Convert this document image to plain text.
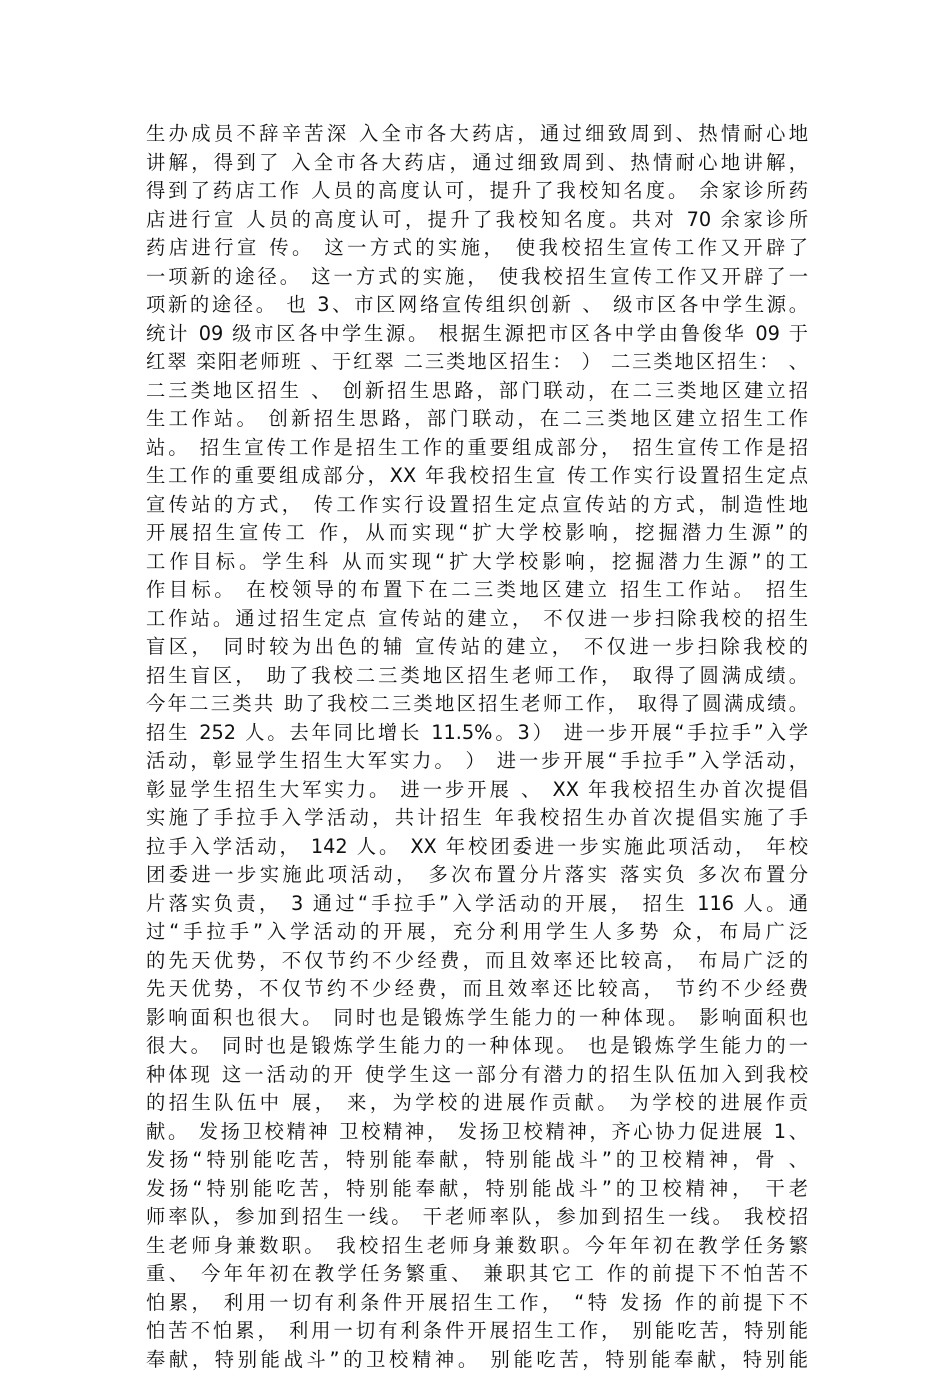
生办成员不辞辛苦深 入全市各大药店，通过细致周到、热情耐心地
讲解，得到了 入全市各大药店，通过细致周到、热情耐心地讲解，
得到了药店工作 人员的高度认可，提升了我校知名度。 余家诊所药
店进行宣 人员的高度认可，提升了我校知名度。共对 70 余家诊所
药店进行宣 传。 这一方式的实施， 使我校招生宣传工作又开辟了
一项新的途径。 这一方式的实施， 使我校招生宣传工作又开辟了一
项新的途径。 也 3、市区网络宣传组织创新 、 级市区各中学生源。
统计 09 级市区各中学生源。 根据生源把市区各中学由鲁俊华 09 于
红翠 栾阳老师班 、于红翠 二三类地区招生： ） 二三类地区招生： 、
二三类地区招生 、 创新招生思路，部门联动，在二三类地区建立招
生工作站。 创新招生思路，部门联动，在二三类地区建立招生工作
站。 招生宣传工作是招生工作的重要组成部分， 招生宣传工作是招
生工作的重要组成部分，XX 年我校招生宣 传工作实行设置招生定点
宣传站的方式， 传工作实行设置招生定点宣传站的方式，制造性地
开展招生宣传工 作，从而实现“扩大学校影响，挖掘潜力生源”的
工作目标。学生科 从而实现“扩大学校影响，挖掘潜力生源”的工
作目标。 在校领导的布置下在二三类地区建立 招生工作站。 招生
工作站。通过招生定点 宣传站的建立， 不仅进一步扫除我校的招生
盲区， 同时较为出色的辅 宣传站的建立， 不仅进一步扫除我校的
招生盲区， 助了我校二三类地区招生老师工作， 取得了圆满成绩。
今年二三类共 助了我校二三类地区招生老师工作， 取得了圆满成绩。
招生 252 人。去年同比增长 11.5%。3） 进一步开展“手拉手”入学
活动，彰显学生招生大军实力。 ） 进一步开展“手拉手”入学活动，
彰显学生招生大军实力。 进一步开展 、 XX 年我校招生办首次提倡
实施了手拉手入学活动，共计招生 年我校招生办首次提倡实施了手
拉手入学活动， 142 人。 XX 年校团委进一步实施此项活动， 年校
团委进一步实施此项活动， 多次布置分片落实 落实负 多次布置分
片落实负责， 3 通过“手拉手”入学活动的开展， 招生 116 人。通
过“手拉手”入学活动的开展，充分利用学生人多势 众，布局广泛
的先天优势，不仅节约不少经费，而且效率还比较高， 布局广泛的
先天优势，不仅节约不少经费，而且效率还比较高， 节约不少经费
影响面积也很大。 同时也是锻炼学生能力的一种体现。 影响面积也
很大。 同时也是锻炼学生能力的一种体现。 也是锻炼学生能力的一
种体现 这一活动的开 使学生这一部分有潜力的招生队伍加入到我校
的招生队伍中 展， 来，为学校的进展作贡献。 为学校的进展作贡
献。 发扬卫校精神 卫校精神， 发扬卫校精神，齐心协力促进展 1、
发扬“特别能吃苦，特别能奉献，特别能战斗”的卫校精神，骨 、
发扬“特别能吃苦，特别能奉献，特别能战斗”的卫校精神， 干老
师率队，参加到招生一线。 干老师率队，参加到招生一线。 我校招
生老师身兼数职。 我校招生老师身兼数职。今年年初在教学任务繁
重、 今年年初在教学任务繁重、 兼职其它工 作的前提下不怕苦不
怕累， 利用一切有利条件开展招生工作， “特 发扬 作的前提下不
怕苦不怕累， 利用一切有利条件开展招生工作， 别能吃苦，特别能
奉献，特别能战斗”的卫校精神。 别能吃苦，特别能奉献，特别能
